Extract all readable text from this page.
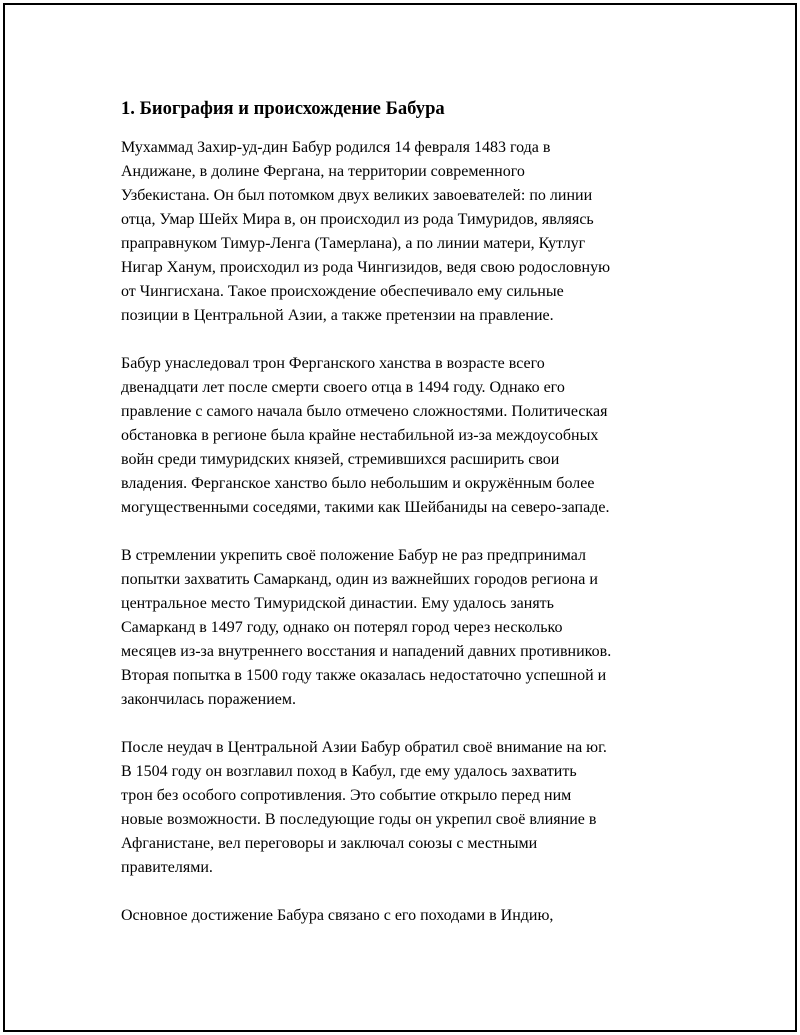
1. Биография и происхождение Бабура
Мухаммад Захир-уд-дин Бабур родился 14 февраля 1483 года в
Андижане, в долине Фергана, на территории современного
Узбекистана. Он был потомком двух великих завоевателей: по линии
отца, Умар Шейх Мира в, он происходил из рода Тимуридов, являясь
праправнуком Тимур-Ленга (Тамерлана), а по линии матери, Кутлуг
Нигар Ханум, происходил из рода Чингизидов, ведя свою родословную
от Чингисхана. Такое происхождение обеспечивало ему сильные
позиции в Центральной Азии, а также претензии на правление.
Бабур унаследовал трон Ферганского ханства в возрасте всего
двенадцати лет после смерти своего отца в 1494 году. Однако его
правление с самого начала было отмечено сложностями. Политическая
обстановка в регионе была крайне нестабильной из-за междоусобных
войн среди тимуридских князей, стремившихся расширить свои
владения. Ферганское ханство было небольшим и окружённым более
могущественными соседями, такими как Шейбаниды на северо-западе.
В стремлении укрепить своё положение Бабур не раз предпринимал
попытки захватить Самарканд, один из важнейших городов региона и
центральное место Тимуридской династии. Ему удалось занять
Самарканд в 1497 году, однако он потерял город через несколько
месяцев из-за внутреннего восстания и нападений давних противников.
Вторая попытка в 1500 году также оказалась недостаточно успешной и
закончилась поражением.
После неудач в Центральной Азии Бабур обратил своё внимание на юг.
В 1504 году он возглавил поход в Кабул, где ему удалось захватить
трон без особого сопротивления. Это событие открыло перед ним
новые возможности. В последующие годы он укрепил своё влияние в
Афганистане, вел переговоры и заключал союзы с местными
правителями.
Основное достижение Бабура связано с его походами в Индию,
